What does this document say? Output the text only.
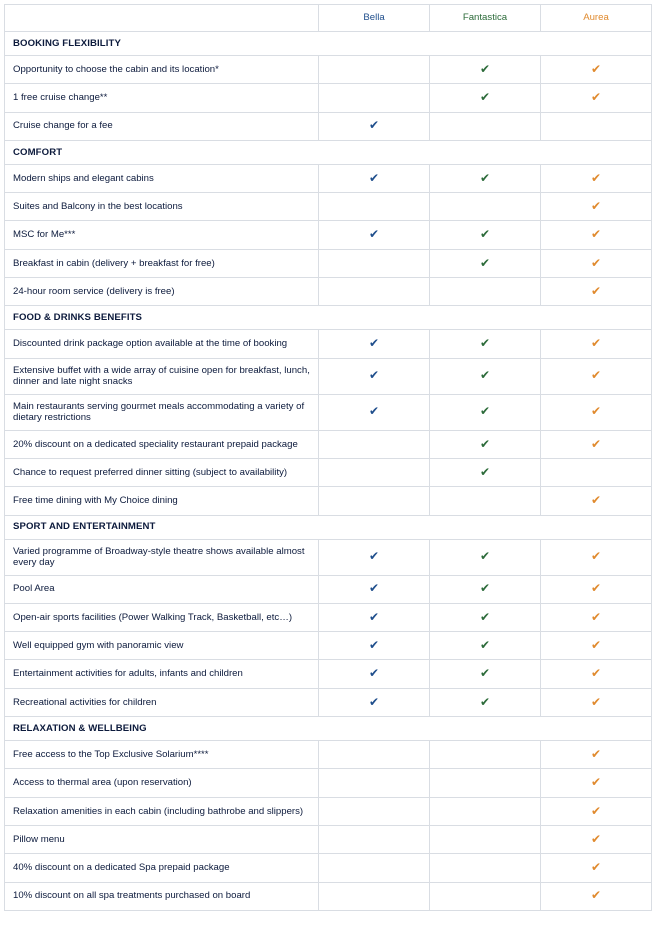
	Bella	Fantastica	Aurea
BOOKING FLEXIBILITY			
Opportunity to choose the cabin and its location*		✔	✔
1 free cruise change**		✔	✔
Cruise change for a fee	✔		
COMFORT			
Modern ships and elegant cabins	✔	✔	✔
Suites and Balcony in the best locations			✔
MSC for Me***	✔	✔	✔
Breakfast in cabin (delivery + breakfast for free)		✔	✔
24-hour room service (delivery is free)			✔
FOOD & DRINKS BENEFITS			
Discounted drink package option available at the time of booking	✔	✔	✔
Extensive buffet with a wide array of cuisine open for breakfast, lunch, dinner and late night snacks	✔	✔	✔
Main restaurants serving gourmet meals accommodating a variety of dietary restrictions	✔	✔	✔
20% discount on a dedicated speciality restaurant prepaid package		✔	✔
Chance to request preferred dinner sitting (subject to availability)		✔	
Free time dining with My Choice dining			✔
SPORT AND ENTERTAINMENT			
Varied programme of Broadway-style theatre shows available almost every day	✔	✔	✔
Pool Area	✔	✔	✔
Open-air sports facilities (Power Walking Track, Basketball, etc…)	✔	✔	✔
Well equipped gym with panoramic view	✔	✔	✔
Entertainment activities for adults, infants and children	✔	✔	✔
Recreational activities for children	✔	✔	✔
RELAXATION & WELLBEING			
Free access to the Top Exclusive Solarium****			✔
Access to thermal area (upon reservation)			✔
Relaxation amenities in each cabin (including bathrobe and slippers)			✔
Pillow menu			✔
40% discount on a dedicated Spa prepaid package			✔
10% discount on all spa treatments purchased on board			✔
